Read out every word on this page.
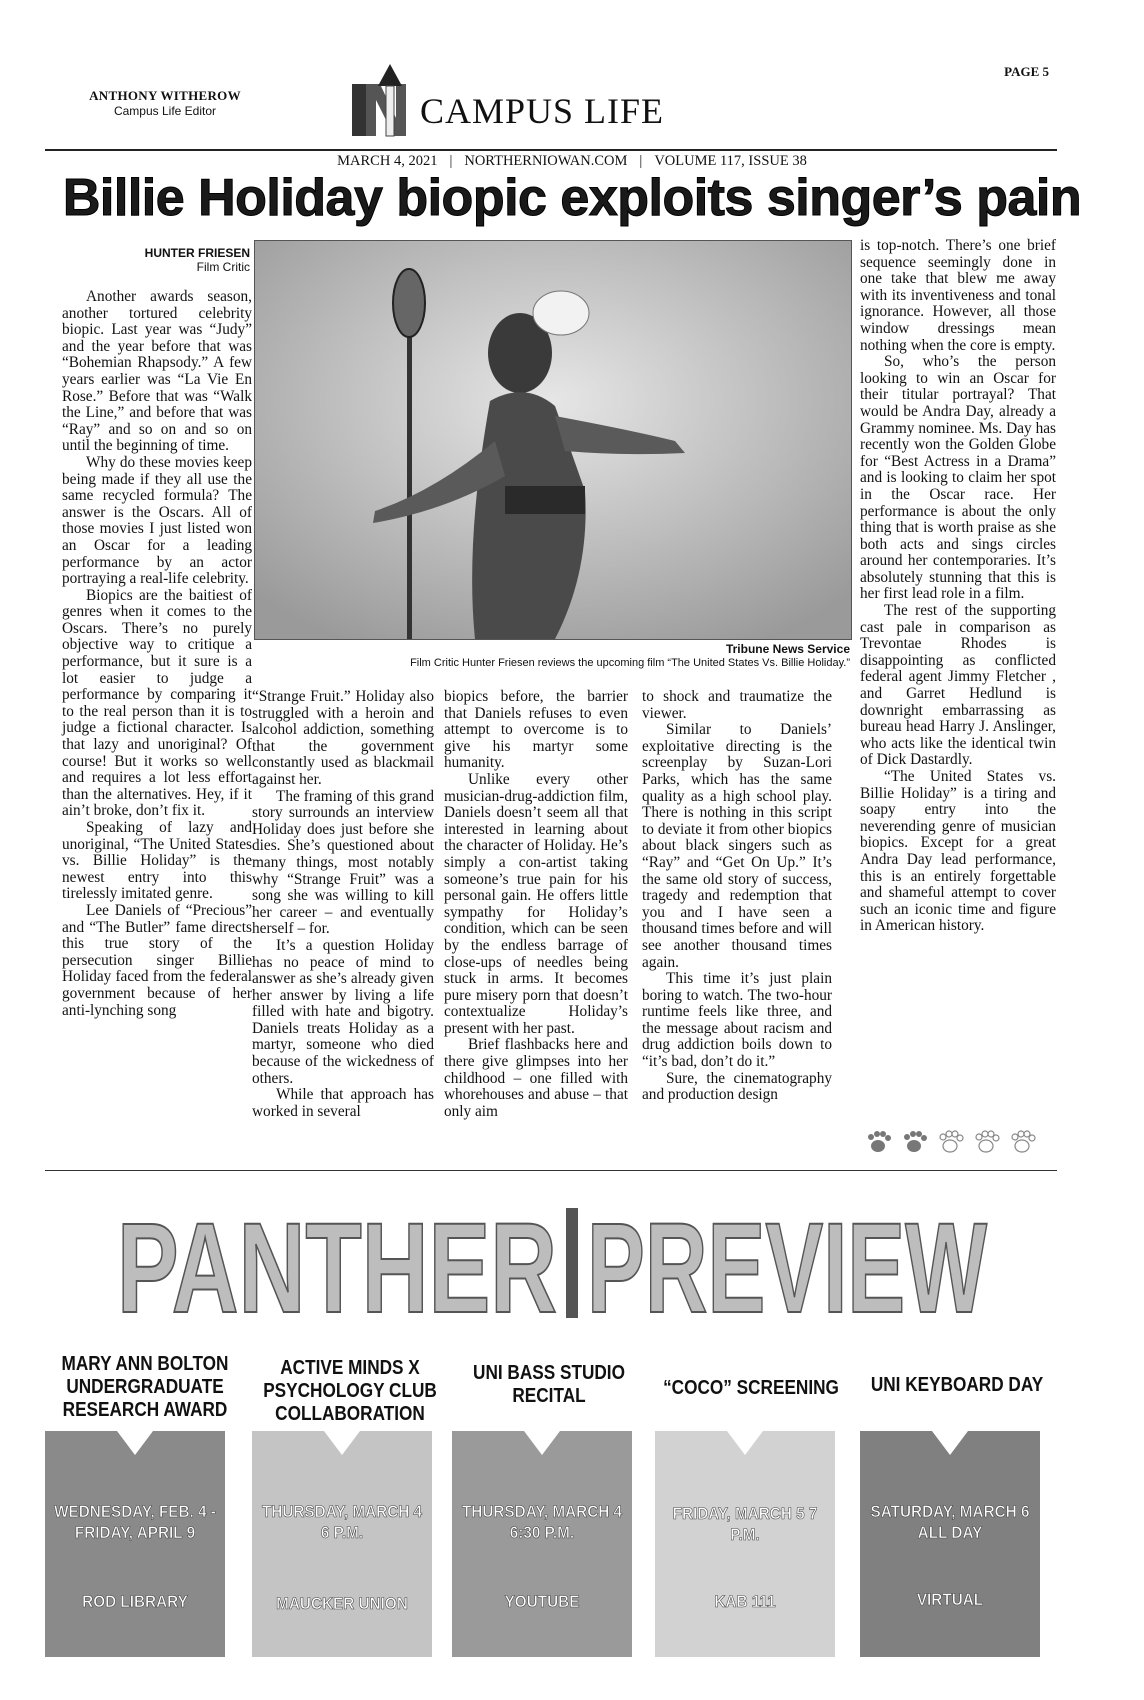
ANTHONY WITHEROW
Campus Life Editor	CAMPUS LIFE
PAGE 5
MARCH 4, 2021 | NORTHERNIOWAN.COM | VOLUME 117, ISSUE 38
Billie Holiday biopic exploits singer’s pain
HUNTER FRIESEN
Film Critic

Another awards season, another tortured celebrity biopic. Last year was “Judy” and the year before that was “Bohemian Rhapsody.” A few years earlier was “La Vie En Rose.” Before that was “Walk the Line,” and before that was “Ray” and so on and so on until the beginning of time.

Why do these movies keep being made if they all use the same recycled formula? The answer is the Oscars. All of those movies I just listed won an Oscar for a leading performance by an actor portraying a real-life celebrity.

Biopics are the baitiest of genres when it comes to the Oscars. There’s no purely objective way to critique a performance, but it sure is a lot easier to judge a performance by comparing it to the real person than it is to judge a fictional character. Is that lazy and unoriginal? Of course! But it works so well and requires a lot less effort than the alternatives. Hey, if it ain’t broke, don’t fix it.

Speaking of lazy and unoriginal, “The United States vs. Billie Holiday” is the newest entry into this tirelessly imitated genre.

Lee Daniels of “Precious” and “The Butler” fame directs this true story of the persecution singer Billie Holiday faced from the federal government because of her anti-lynching song

Tribune News Service
Film Critic Hunter Friesen reviews the upcoming film “The United States Vs. Billie Holiday.”

“Strange Fruit.” Holiday also struggled with a heroin and alcohol addiction, something that the government constantly used as blackmail against her.

The framing of this grand story surrounds an interview Holiday does just before she dies. She’s questioned about many things, most notably why “Strange Fruit” was a song she was willing to kill her career – and eventually herself – for.

It’s a question Holiday has no peace of mind to answer as she’s already given her answer by living a life filled with hate and bigotry. Daniels treats Holiday as a martyr, someone who died because of the wickedness of others.

While that approach has worked in several

biopics before, the barrier that Daniels refuses to even attempt to overcome is to give his martyr some humanity.

Unlike every other musician-drug-addiction film, Daniels doesn’t seem all that interested in learning about the character of Holiday. He’s simply a con-artist taking someone’s true pain for his personal gain. He offers little sympathy for Holiday’s condition, which can be seen by the endless barrage of close-ups of needles being stuck in arms. It becomes pure misery porn that doesn’t contextualize Holiday’s present with her past.

Brief flashbacks here and there give glimpses into her childhood – one filled with whorehouses and abuse – that only aim

to shock and traumatize the viewer.

Similar to Daniels’ exploitative directing is the screenplay by Suzan-Lori Parks, which has the same quality as a high school play. There is nothing in this script to deviate it from other biopics about black singers such as “Ray” and “Get On Up.” It’s the same old story of success, tragedy and redemption that you and I have seen a thousand times before and will see another thousand times again.

This time it’s just plain boring to watch. The two-hour runtime feels like three, and the message about racism and drug addiction boils down to “it’s bad, don’t do it.”

Sure, the cinematography and production design

is top-notch. There’s one brief sequence seemingly done in one take that blew me away with its inventiveness and tonal ignorance. However, all those window dressings mean nothing when the core is empty.

So, who’s the person looking to win an Oscar for their titular portrayal? That would be Andra Day, already a Grammy nominee. Ms. Day has recently won the Golden Globe for “Best Actress in a Drama” and is looking to claim her spot in the Oscar race. Her performance is about the only thing that is worth praise as she both acts and sings circles around her contemporaries. It’s absolutely stunning that this is her first lead role in a film.

The rest of the supporting cast pale in comparison as Trevontae Rhodes is disappointing as conflicted federal agent Jimmy Fletcher , and Garret Hedlund is downright embarrassing as bureau head Harry J. Anslinger, who acts like the identical twin of Dick Dastardly.

“The United States vs. Billie Holiday” is a tiring and soapy entry into the neverending genre of musician biopics. Except for a great Andra Day lead performance, this is an entirely forgettable and shameful attempt to cover such an iconic time and figure in American history.

PANTHER PREVIEW
MARY ANN BOLTON UNDERGRADUATE RESEARCH AWARD
ACTIVE MINDS X PSYCHOLOGY CLUB COLLABORATION
UNI BASS STUDIO RECITAL	“COCO” SCREENING UNI KEYBOARD DAY
WEDNESDAY, FEB. 4 - FRIDAY, APRIL 9
ROD LIBRARY
THURSDAY, MARCH 4 6 P.M.
MAUCKER UNION
THURSDAY, MARCH 4 6:30 P.M.
YOUTUBE
FRIDAY, MARCH 5 7 P.M.
KAB 111
SATURDAY, MARCH 6 ALL DAY
VIRTUAL
